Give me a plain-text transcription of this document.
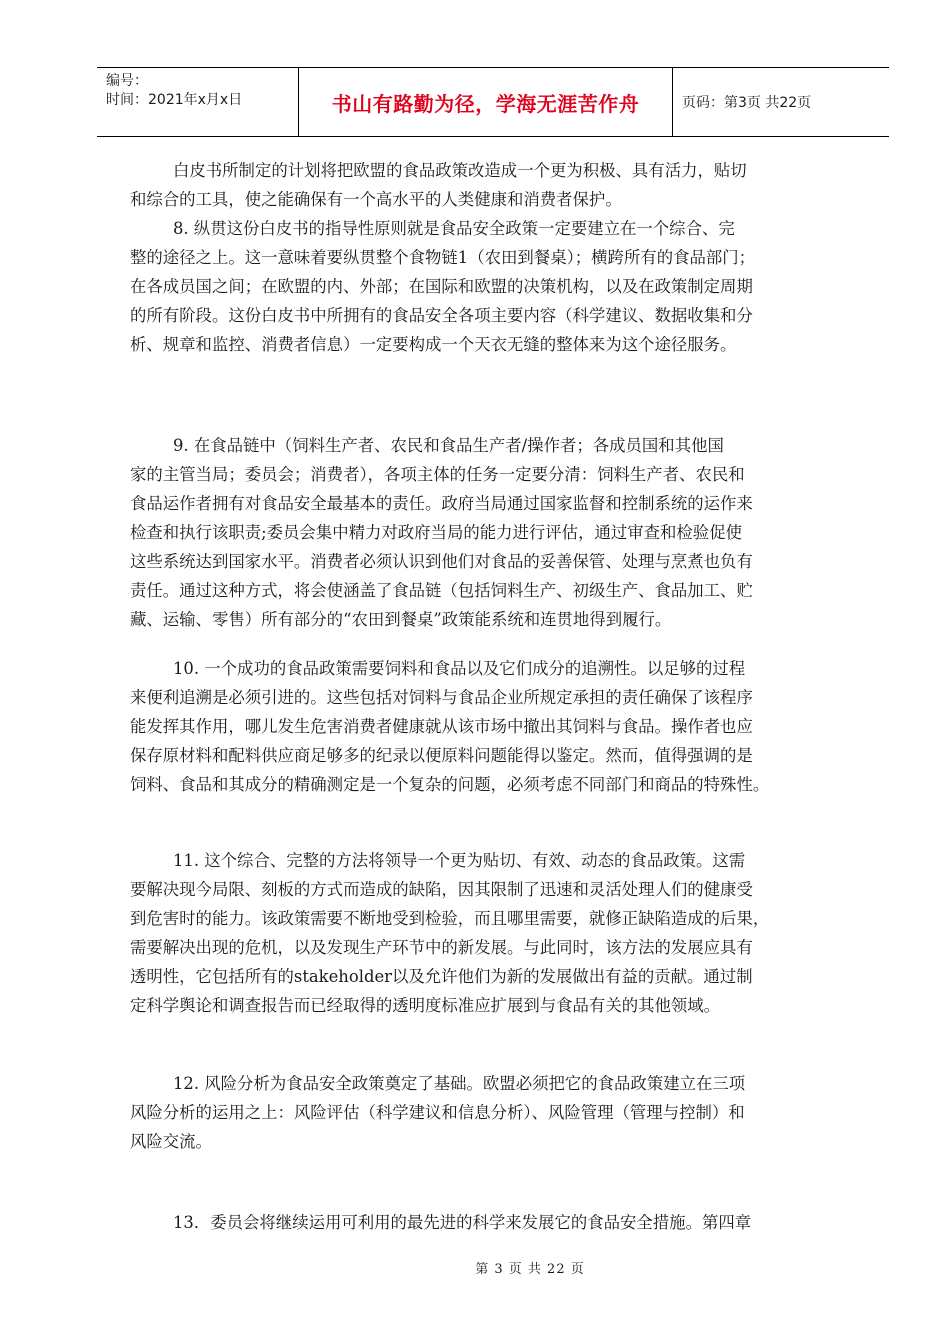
编号：
时间：2021年x月x日	书山有路勤为径，学海无涯苦作舟	页码：第3页 共22页
白皮书所制定的计划将把欧盟的食品政策改造成一个更为积极、具有活力，贴切
和综合的工具，使之能确保有一个高水平的人类健康和消费者保护。
8. 纵贯这份白皮书的指导性原则就是食品安全政策一定要建立在一个综合、完
整的途径之上。这一意味着要纵贯整个食物链1（农田到餐桌）；横跨所有的食品部门；
在各成员国之间；在欧盟的内、外部；在国际和欧盟的决策机构，以及在政策制定周期
的所有阶段。这份白皮书中所拥有的食品安全各项主要内容（科学建议、数据收集和分
析、规章和监控、消费者信息）一定要构成一个天衣无缝的整体来为这个途径服务。
9. 在食品链中（饲料生产者、农民和食品生产者/操作者；各成员国和其他国
家的主管当局；委员会；消费者），各项主体的任务一定要分清：饲料生产者、农民和
食品运作者拥有对食品安全最基本的责任。政府当局通过国家监督和控制系统的运作来
检查和执行该职责;委员会集中精力对政府当局的能力进行评估，通过审查和检验促使
这些系统达到国家水平。消费者必须认识到他们对食品的妥善保管、处理与烹煮也负有
责任。通过这种方式，将会使涵盖了食品链（包括饲料生产、初级生产、食品加工、贮
藏、运输、零售）所有部分的“农田到餐桌”政策能系统和连贯地得到履行。
10. 一个成功的食品政策需要饲料和食品以及它们成分的追溯性。以足够的过程
来便利追溯是必须引进的。这些包括对饲料与食品企业所规定承担的责任确保了该程序
能发挥其作用，哪儿发生危害消费者健康就从该市场中撤出其饲料与食品。操作者也应
保存原材料和配料供应商足够多的纪录以便原料问题能得以鉴定。然而，值得强调的是
饲料、食品和其成分的精确测定是一个复杂的问题，必须考虑不同部门和商品的特殊性。
11. 这个综合、完整的方法将领导一个更为贴切、有效、动态的食品政策。这需
要解决现今局限、刻板的方式而造成的缺陷，因其限制了迅速和灵活处理人们的健康受
到危害时的能力。该政策需要不断地受到检验，而且哪里需要，就修正缺陷造成的后果，
需要解决出现的危机，以及发现生产环节中的新发展。与此同时，该方法的发展应具有
透明性，它包括所有的stakeholder以及允许他们为新的发展做出有益的贡献。通过制
定科学舆论和调查报告而已经取得的透明度标准应扩展到与食品有关的其他领域。
12. 风险分析为食品安全政策奠定了基础。欧盟必须把它的食品政策建立在三项
风险分析的运用之上：风险评估（科学建议和信息分析）、风险管理（管理与控制）和
风险交流。
13．委员会将继续运用可利用的最先进的科学来发展它的食品安全措施。第四章
第 3 页 共 22 页
